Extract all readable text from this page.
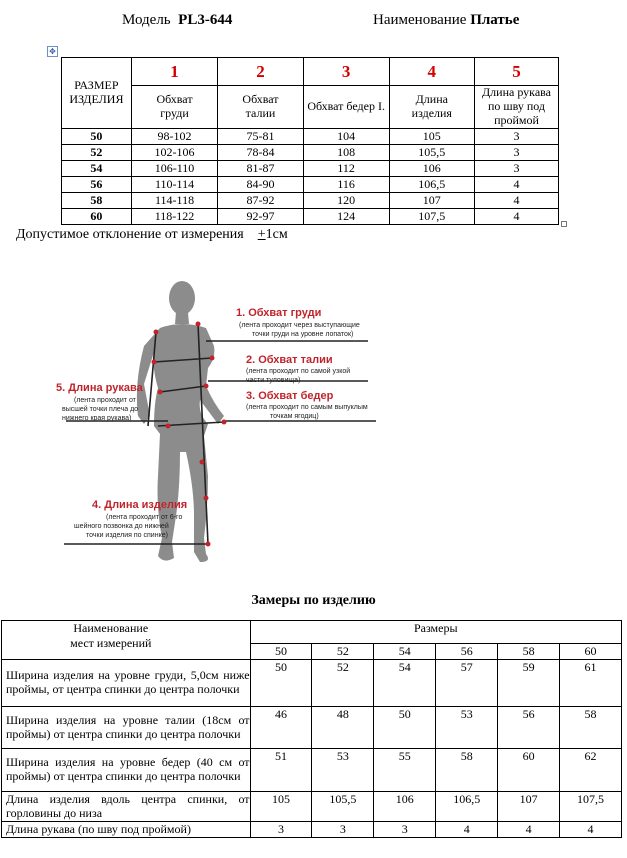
Модель PL3-644	Наименование Платье
✥
РАЗМЕР ИЗДЕЛИЯ	1	2	3	4	5
	Обхват груди	Обхват талии	Обхват бедер I.	Длина изделия	Длина рукава по шву под проймой
50	98-102	75-81	104	105	3
52	102-106	78-84	108	105,5	3
54	106-110	81-87	112	106	3
56	110-114	84-90	116	106,5	4
58	114-118	87-92	120	107	4
60	118-122	92-97	124	107,5	4
Допустимое отклонение от измерения +1см
1. Обхват груди
(лента проходит через выступающие
точки груди на уровне лопаток)
2. Обхват талии
(лента проходит по самой узкой
части туловища)
3. Обхват бедер
(лента проходит по самым выпуклым
точкам ягодиц)
4. Длина изделия
(лента проходит от 6-го
шейного позвонка до нижней
точки изделия по спинке)
5. Длина рукава
(лента проходит от
высшей точки плеча до
нижнего края рукава)
Замеры по изделию
Наименование
мест измерений	Размеры					
	50	52	54	56	58	60
Ширина изделия на уровне груди, 5,0см ниже проймы, от центра спинки до центра полочки	50	52	54	57	59	61
Ширина изделия на уровне талии (18см от проймы) от центра спинки до центра полочки	46	48	50	53	56	58
Ширина изделия на уровне бедер (40 см от проймы) от центра спинки до центра полочки	51	53	55	58	60	62
Длина изделия вдоль центра спинки, от горловины до низа	105	105,5	106	106,5	107	107,5
Длина рукава (по шву под проймой)	3	3	3	4	4	4
